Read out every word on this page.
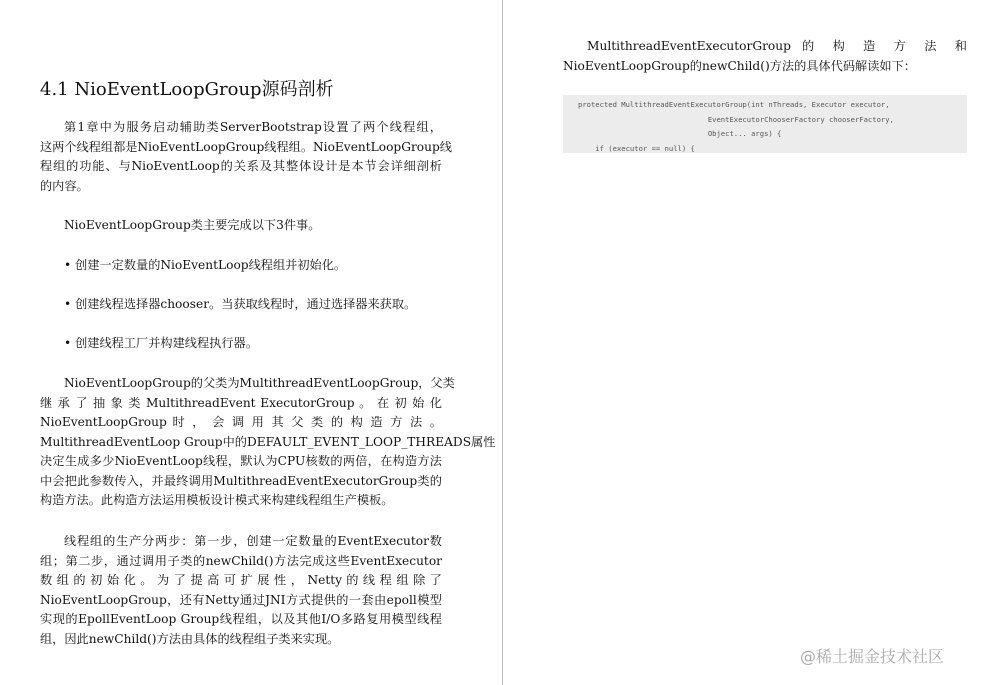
4.1 NioEventLoopGroup源码剖析
第1章中为服务启动辅助类ServerBootstrap设置了两个线程组，
这两个线程组都是NioEventLoopGroup线程组。NioEventLoopGroup线
程组的功能、与NioEventLoop的关系及其整体设计是本节会详细剖析
的内容。
NioEventLoopGroup类主要完成以下3件事。
• 创建一定数量的NioEventLoop线程组并初始化。
• 创建线程选择器chooser。当获取线程时，通过选择器来获取。
• 创建线程工厂并构建线程执行器。
NioEventLoopGroup的父类为MultithreadEventLoopGroup，父类
继 承 了 抽 象 类 MultithreadEvent ExecutorGroup 。 在 初 始 化
NioEventLoopGroup 时 ， 会 调 用 其 父 类 的 构 造 方 法 。
MultithreadEventLoop Group中的DEFAULT_EVENT_LOOP_THREADS属性
决定生成多少NioEventLoop线程，默认为CPU核数的两倍，在构造方法
中会把此参数传入，并最终调用MultithreadEventExecutorGroup类的
构造方法。此构造方法运用模板设计模式来构建线程组生产模板。
线程组的生产分两步：第一步，创建一定数量的EventExecutor数
组；第二步，通过调用子类的newChild()方法完成这些EventExecutor
数 组 的 初 始 化 。 为 了 提 高 可 扩 展 性 ， Netty 的 线 程 组 除 了
NioEventLoopGroup，还有Netty通过JNI方式提供的一套由epoll模型
实现的EpollEventLoop Group线程组，以及其他I/O多路复用模型线程
组，因此newChild()方法由具体的线程组子类来实现。
MultithreadEventExecutorGroup 的 构 造 方 法 和
NioEventLoopGroup的newChild()方法的具体代码解读如下：
protected MultithreadEventExecutorGroup(int nThreads, Executor executor,
EventExecutorChooserFactory chooserFactory,
Object... args) {
if (executor == null) {
@稀土掘金技术社区
